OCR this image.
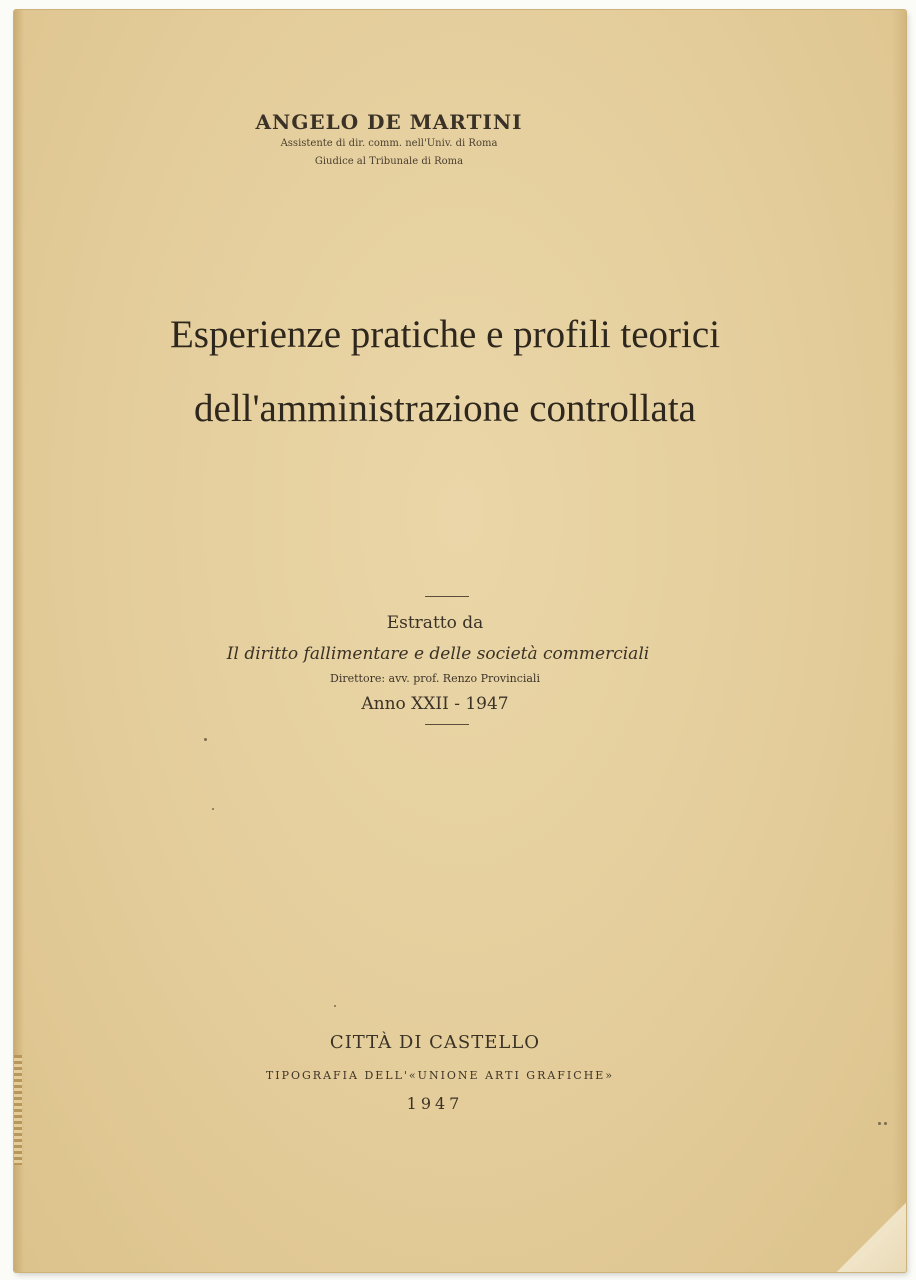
ANGELO DE MARTINI
Assistente di dir. comm. nell'Univ. di Roma
Giudice al Tribunale di Roma
Esperienze pratiche e profili teorici
dell'amministrazione controllata
Estratto da
Il diritto fallimentare e delle società commerciali
Direttore: avv. prof. Renzo Provinciali
Anno XXII - 1947
CITTÀ DI CASTELLO
TIPOGRAFIA DELL'«UNIONE ARTI GRAFICHE»
1947
